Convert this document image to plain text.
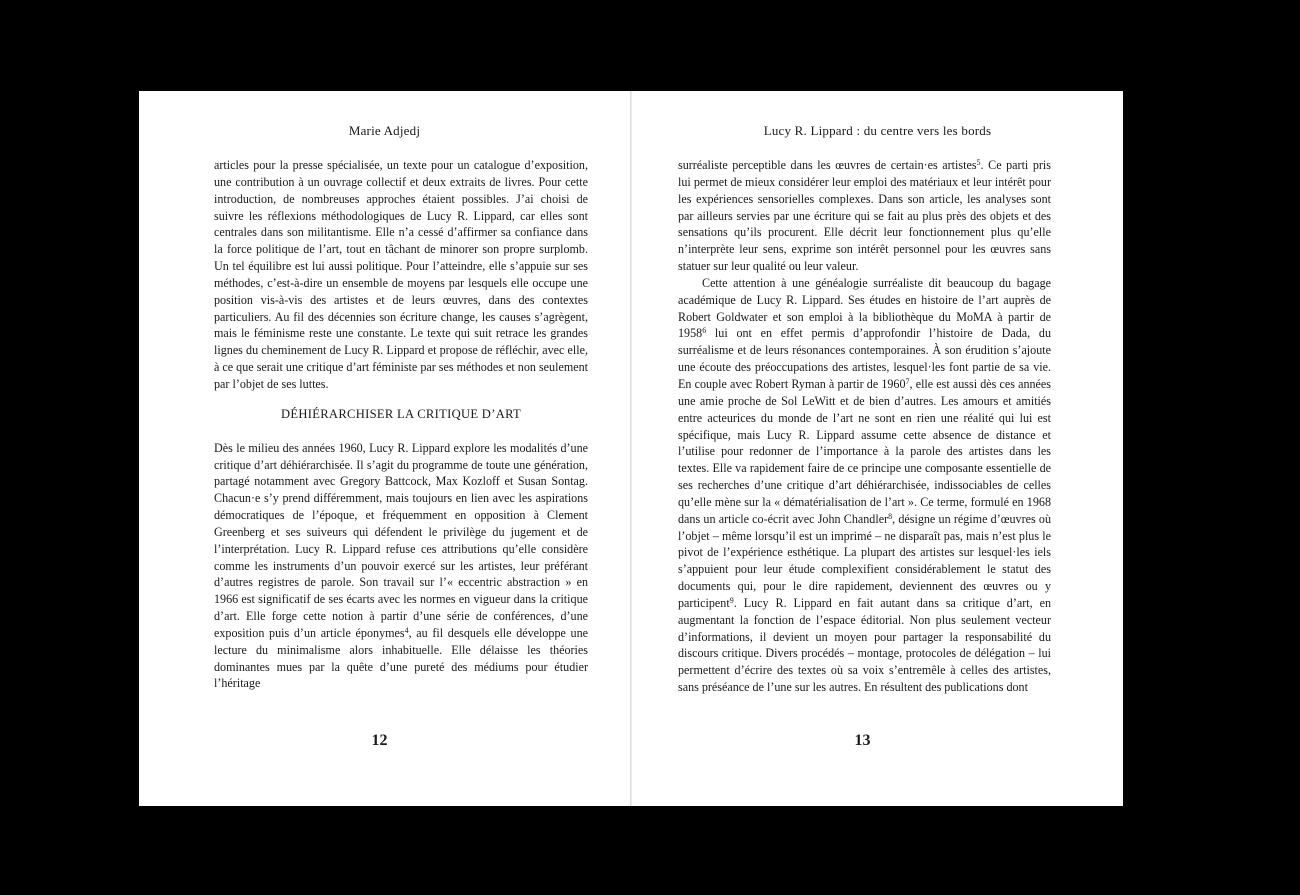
Marie Adjedj

articles pour la presse spécialisée, un texte pour un catalogue d’exposition, une contribution à un ouvrage collectif et deux extraits de livres. Pour cette introduction, de nombreuses approches étaient possibles. J’ai choisi de suivre les réflexions méthodologiques de Lucy R. Lippard, car elles sont centrales dans son militantisme. Elle n’a cessé d’affirmer sa confiance dans la force politique de l’art, tout en tâchant de minorer son propre surplomb. Un tel équilibre est lui aussi politique. Pour l’atteindre, elle s’appuie sur ses méthodes, c’est-à-dire un ensemble de moyens par lesquels elle occupe une position vis-à-vis des artistes et de leurs œuvres, dans des contextes particuliers. Au fil des décennies son écriture change, les causes s’agrègent, mais le féminisme reste une constante. Le texte qui suit retrace les grandes lignes du cheminement de Lucy R. Lippard et propose de réfléchir, avec elle, à ce que serait une critique d’art féministe par ses méthodes et non seulement par l’objet de ses luttes.

DÉHIÉRARCHISER LA CRITIQUE D’ART

Dès le milieu des années 1960, Lucy R. Lippard explore les modalités d’une critique d’art déhiérarchisée. Il s’agit du programme de toute une génération, partagé notamment avec Gregory Battcock, Max Kozloff et Susan Sontag. Chacun·e s’y prend différemment, mais toujours en lien avec les aspirations démocratiques de l’époque, et fréquemment en opposition à Clement Greenberg et ses suiveurs qui défendent le privilège du jugement et de l’interprétation. Lucy R. Lippard refuse ces attributions qu’elle considère comme les instruments d’un pouvoir exercé sur les artistes, leur préférant d’autres registres de parole. Son travail sur l’« eccentric abstraction » en 1966 est significatif de ses écarts avec les normes en vigueur dans la critique d’art. Elle forge cette notion à partir d’une série de conférences, d’une exposition puis d’un article éponymes$^4$, au fil desquels elle développe une lecture du minimalisme alors inhabituelle. Elle délaisse les théories dominantes mues par la quête d’une pureté des médiums pour étudier l’héritage

12
Lucy R. Lippard : du centre vers les bords

surréaliste perceptible dans les œuvres de certain·es artistes$^5$. Ce parti pris lui permet de mieux considérer leur emploi des matériaux et leur intérêt pour les expériences sensorielles complexes. Dans son article, les analyses sont par ailleurs servies par une écriture qui se fait au plus près des objets et des sensations qu’ils procurent. Elle décrit leur fonctionnement plus qu’elle n’interprète leur sens, exprime son intérêt personnel pour les œuvres sans statuer sur leur qualité ou leur valeur.

Cette attention à une généalogie surréaliste dit beaucoup du bagage académique de Lucy R. Lippard. Ses études en histoire de l’art auprès de Robert Goldwater et son emploi à la bibliothèque du MoMA à partir de 1958$^6$ lui ont en effet permis d’approfondir l’histoire de Dada, du surréalisme et de leurs résonances contemporaines. À son érudition s’ajoute une écoute des préoccupations des artistes, lesquel·les font partie de sa vie. En couple avec Robert Ryman à partir de 1960$^7$, elle est aussi dès ces années une amie proche de Sol LeWitt et de bien d’autres. Les amours et amitiés entre acteurices du monde de l’art ne sont en rien une réalité qui lui est spécifique, mais Lucy R. Lippard assume cette absence de distance et l’utilise pour redonner de l’importance à la parole des artistes dans les textes. Elle va rapidement faire de ce principe une composante essentielle de ses recherches d’une critique d’art déhiérarchisée, indissociables de celles qu’elle mène sur la « dématérialisation de l’art ». Ce terme, formulé en 1968 dans un article co-écrit avec John Chandler$^8$, désigne un régime d’œuvres où l’objet – même lorsqu’il est un imprimé – ne disparaît pas, mais n’est plus le pivot de l’expérience esthétique. La plupart des artistes sur lesquel·les iels s’appuient pour leur étude complexifient considérablement le statut des documents qui, pour le dire rapidement, deviennent des œuvres ou y participent$^9$. Lucy R. Lippard en fait autant dans sa critique d’art, en augmentant la fonction de l’espace éditorial. Non plus seulement vecteur d’informations, il devient un moyen pour partager la responsabilité du discours critique. Divers procédés – montage, protocoles de délégation – lui permettent d’écrire des textes où sa voix s’entremêle à celles des artistes, sans préséance de l’une sur les autres. En résultent des publications dont

13
